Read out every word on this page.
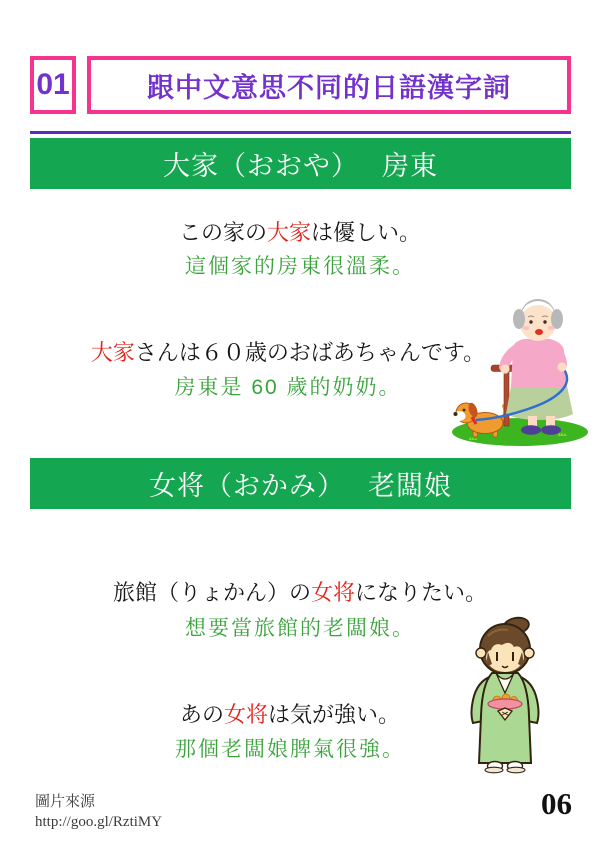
01	跟中文意思不同的日語漢字詞
大家（おおや）　 房東
この家の大家は優しい。
這個家的房東很溫柔。
大家さんは６０歳のおばあちゃんです。
房東是 60 歲的奶奶。
女将（おかみ）　 老闆娘
旅館（りょかん）の女将になりたい。
想要當旅館的老闆娘。
あの女将は気が強い。
那個老闆娘脾氣很強。
圖片來源
http://goo.gl/RztiMY
06
